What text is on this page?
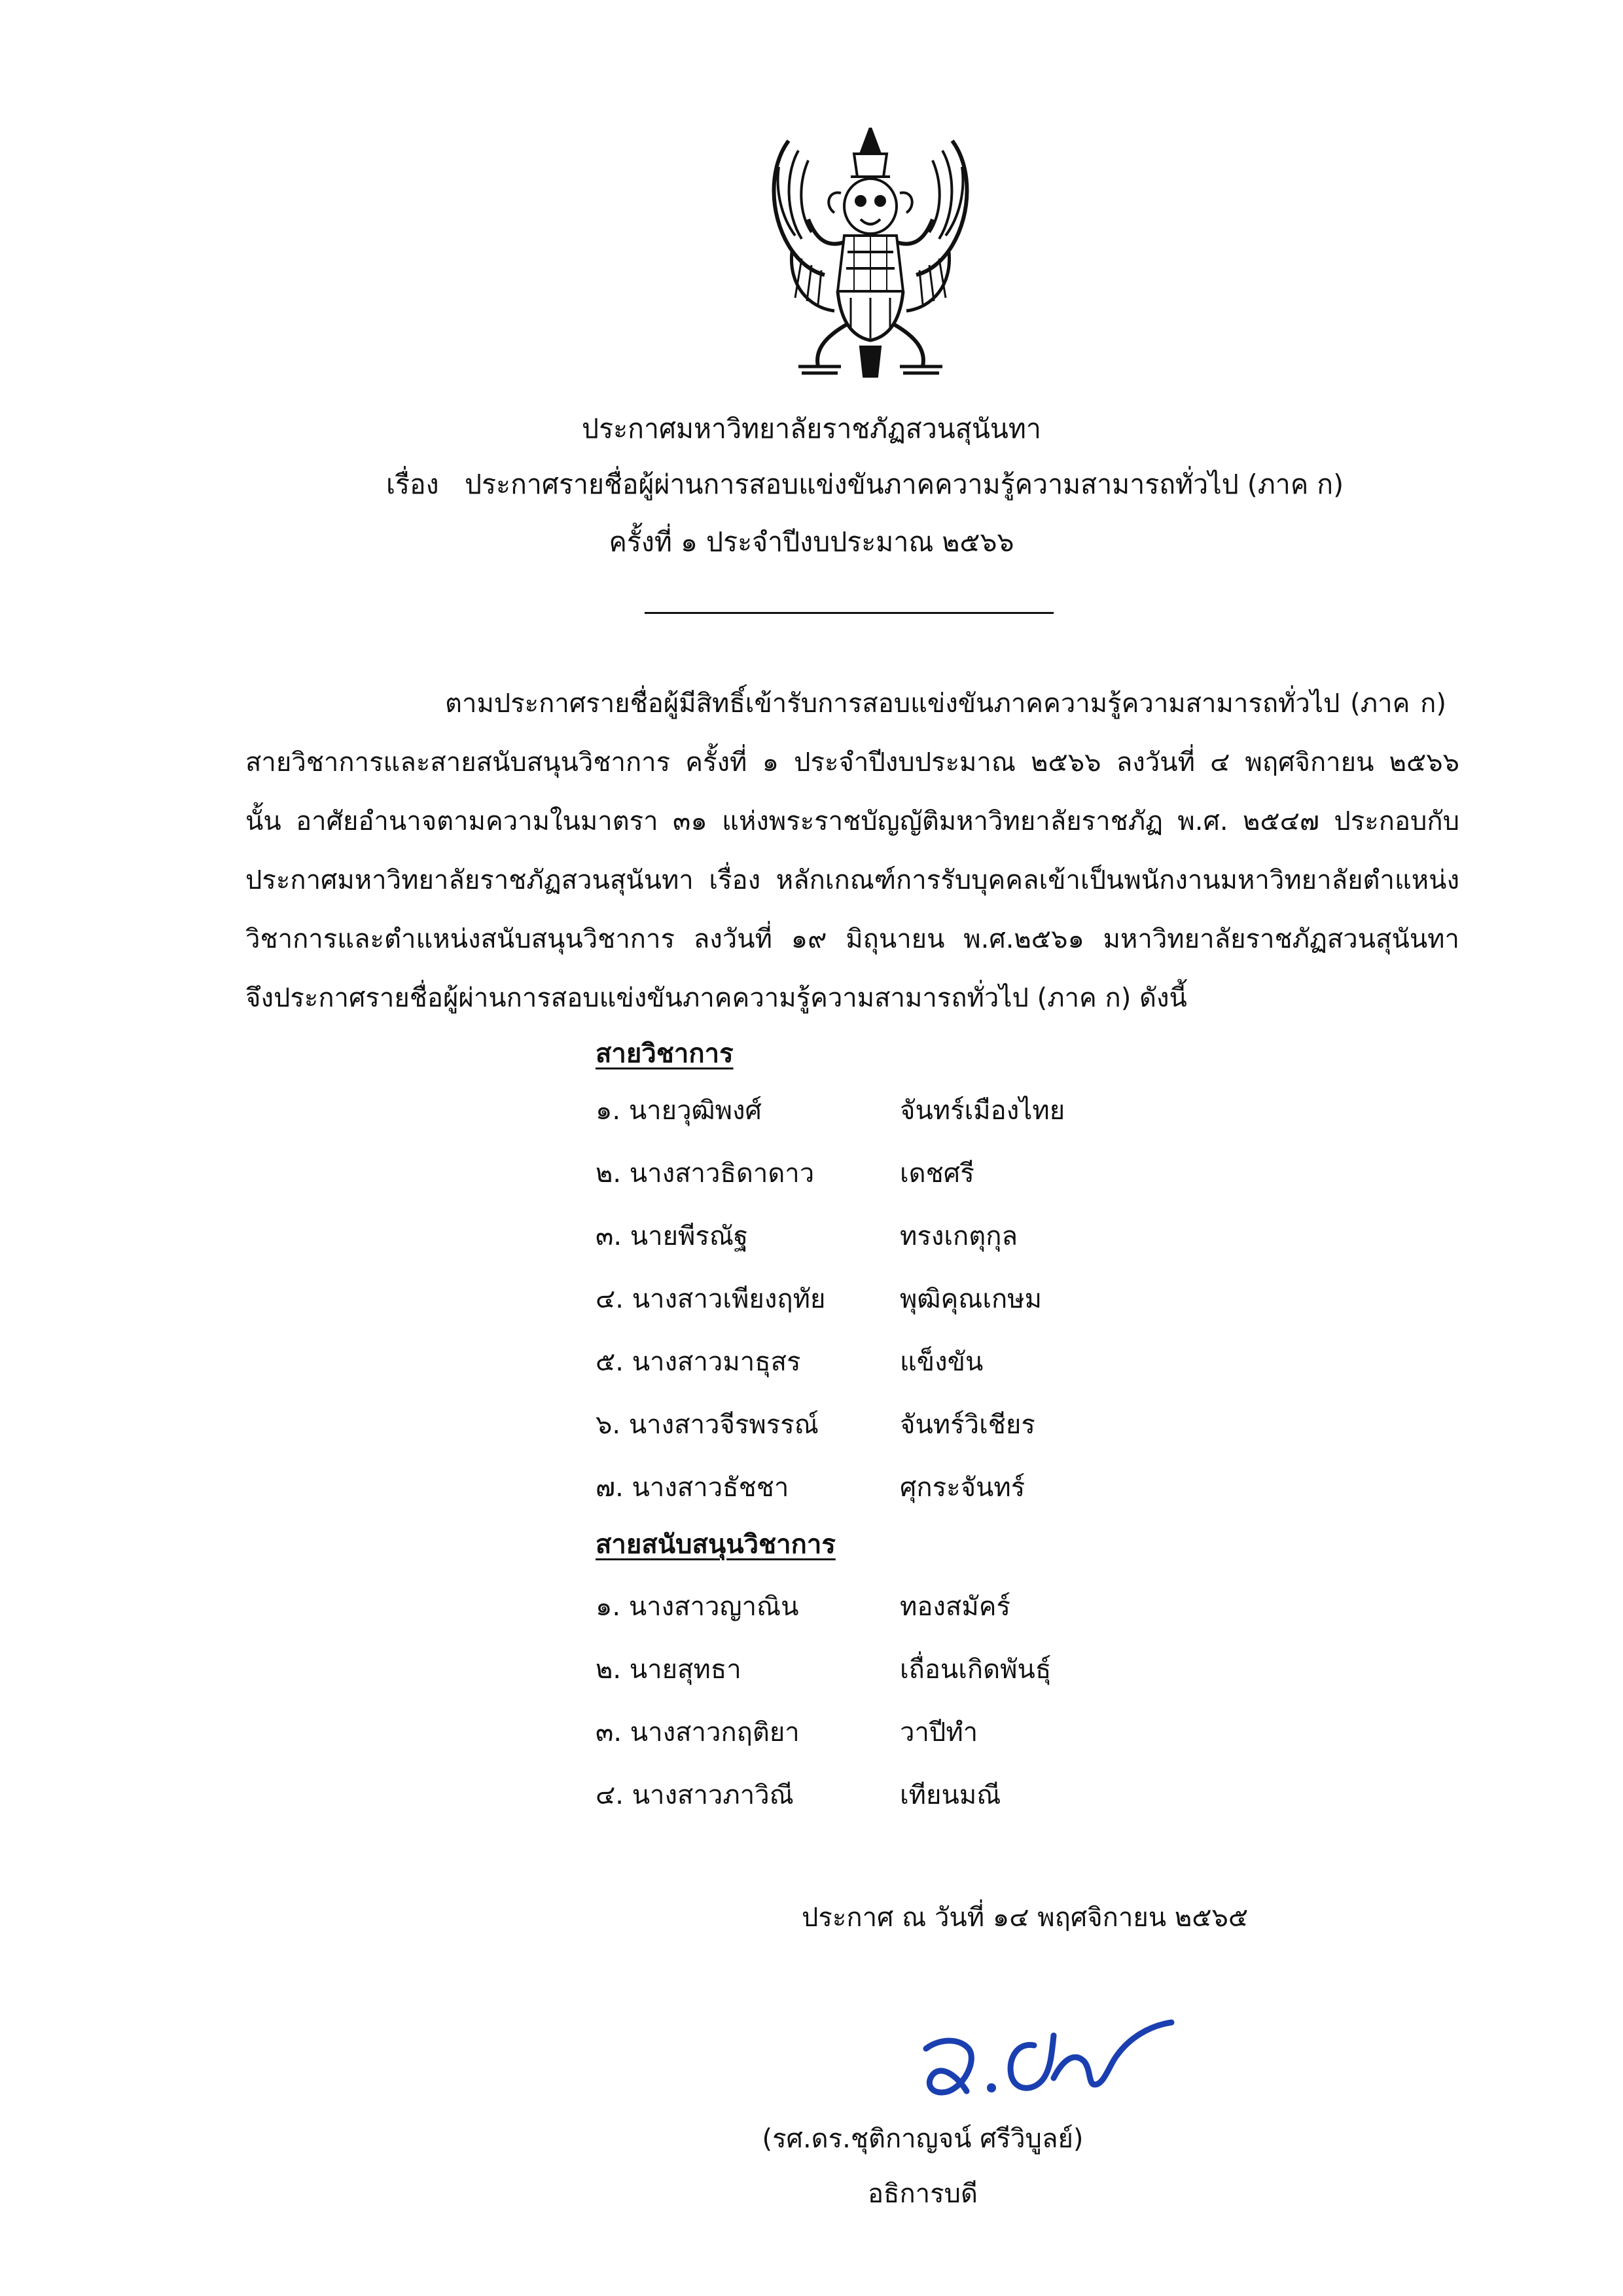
ประกาศมหาวิทยาลัยราชภัฏสวนสุนันทา
เรื่อง ประกาศรายชื่อผู้ผ่านการสอบแข่งขันภาคความรู้ความสามารถทั่วไป (ภาค ก)
ครั้งที่ ๑ ประจำปีงบประมาณ ๒๕๖๖
ตามประกาศรายชื่อผู้มีสิทธิ์เข้ารับการสอบแข่งขันภาคความรู้ความสามารถทั่วไป (ภาค ก)
สายวิชาการและสายสนับสนุนวิชาการ ครั้งที่ ๑ ประจำปีงบประมาณ ๒๕๖๖ ลงวันที่ ๔ พฤศจิกายน ๒๕๖๖
นั้น อาศัยอำนาจตามความในมาตรา ๓๑ แห่งพระราชบัญญัติมหาวิทยาลัยราชภัฏ พ.ศ. ๒๕๔๗ ประกอบกับ
ประกาศมหาวิทยาลัยราชภัฏสวนสุนันทา เรื่อง หลักเกณฑ์การรับบุคคลเข้าเป็นพนักงานมหาวิทยาลัยตำแหน่ง
วิชาการและตำแหน่งสนับสนุนวิชาการ ลงวันที่ ๑๙ มิถุนายน พ.ศ.๒๕๖๑ มหาวิทยาลัยราชภัฏสวนสุนันทา
จึงประกาศรายชื่อผู้ผ่านการสอบแข่งขันภาคความรู้ความสามารถทั่วไป (ภาค ก) ดังนี้
สายวิชาการ
๑. นายวุฒิพงศ์	จันทร์เมืองไทย
๒. นางสาวธิดาดาว	เดชศรี
๓. นายพีรณัฐ	ทรงเกตุกุล
๔. นางสาวเพียงฤทัย	พุฒิคุณเกษม
๕. นางสาวมาธุสร	แข็งขัน
๖. นางสาวจีรพรรณ์	จันทร์วิเชียร
๗. นางสาวธัชชา	ศุกระจันทร์
สายสนับสนุนวิชาการ
๑. นางสาวญาณิน	ทองสมัคร์
๒. นายสุทธา	เถื่อนเกิดพันธุ์
๓. นางสาวกฤติยา	วาปีทำ
๔. นางสาวภาวิณี	เทียนมณี
ประกาศ ณ วันที่ ๑๔ พฤศจิกายน ๒๕๖๕
(รศ.ดร.ชุติกาญจน์ ศรีวิบูลย์)
อธิการบดี
